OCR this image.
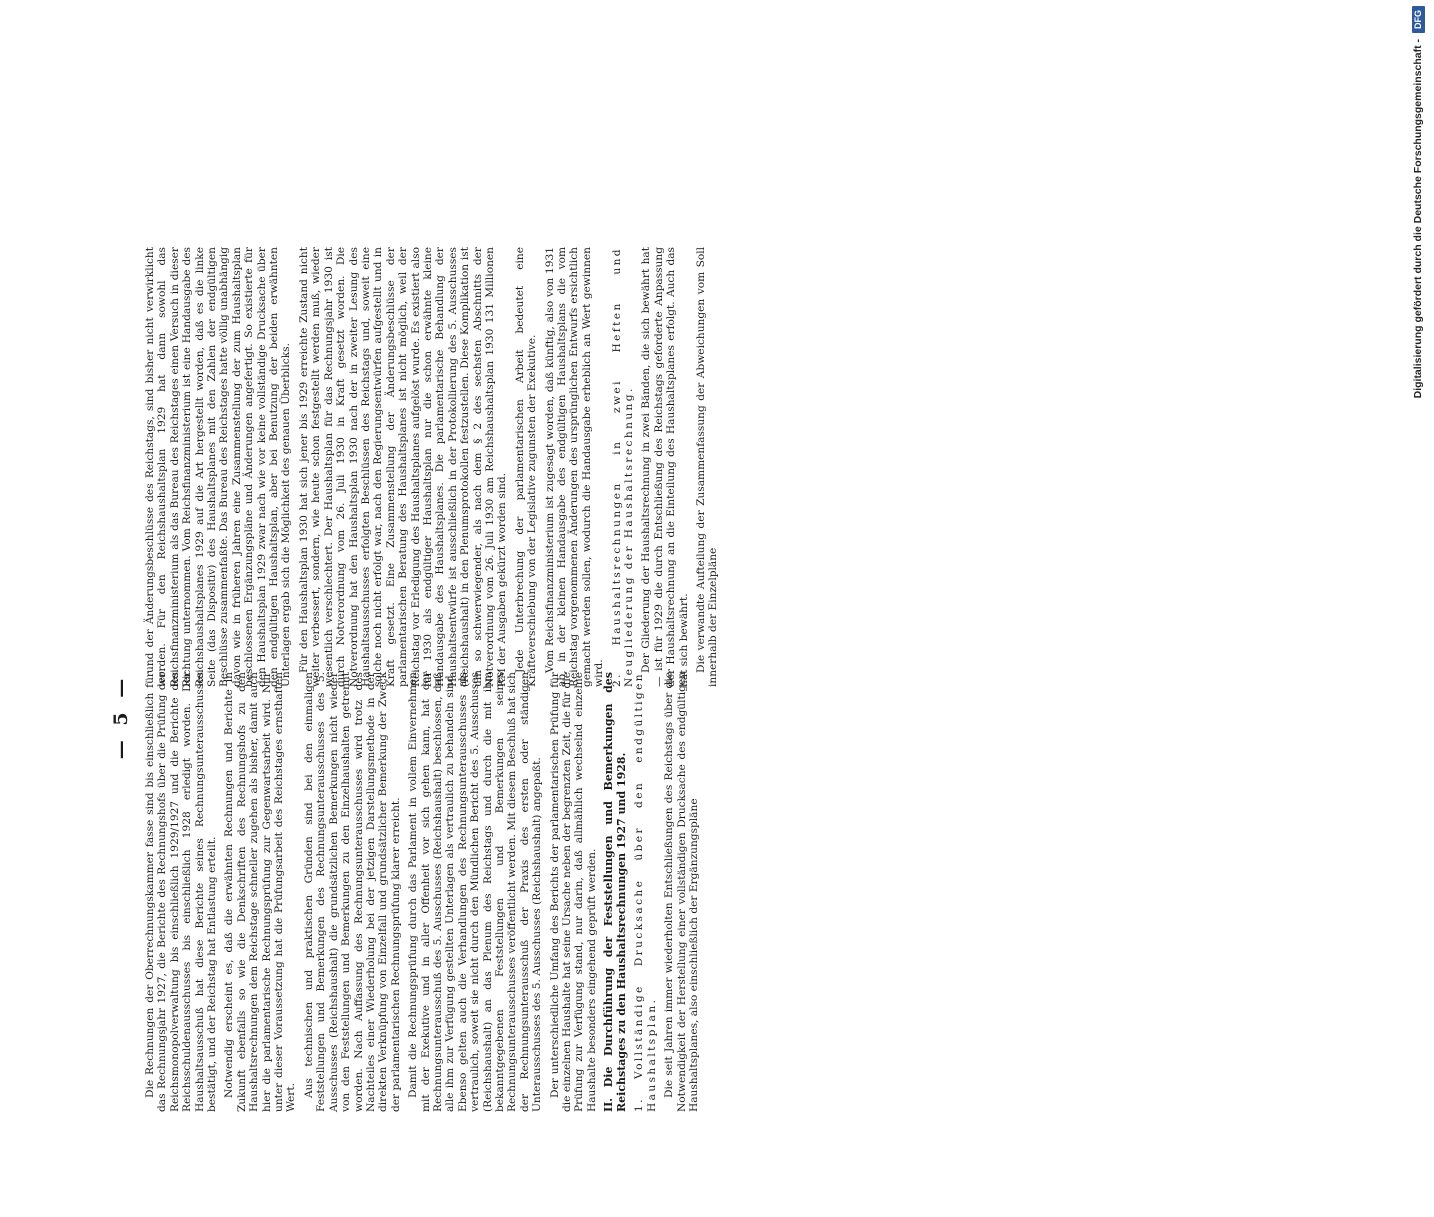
— 5 — Die Rechnungen der Oberrechnungskammer fasse sind bis einschließlich für das Rechnungsjahr 1927, die Berichte des Rechnungshofs über die Prüfung der Reichsmonopolverwaltung bis einschließlich 1929/1927 und die Berichte des Reichsschuldenausschusses bis einschließlich 1928 erledigt worden. Der Haushaltsausschuß hat diese Berichte seines Rechnungsunterausschusses bestätigt, und der Reichstag hat Entlastung erteilt. Notwendig erscheint es, daß die erwähnten Rechnungen und Berichte in Zukunft ebenfalls so wie die Denkschriften des Rechnungshofs zu den Haushaltsrechnungen dem Reichstage schneller zugehen als bisher, damit auch hier die parlamentarische Rechnungsprüfung zur Gegenwartsarbeit wird. Nur unter dieser Voraussetzung hat die Prüfungsarbeit des Reichstages ernsthaften Wert. Aus technischen und praktischen Gründen sind bei den einmaligen Feststellungen und Bemerkungen des Rechnungsunterausschusses des 5. Ausschusses (Reichshaushalt) die grundsätzlichen Bemerkungen nicht wieder von den Feststellungen und Bemerkungen zu den Einzelhaushalten getrennt worden. Nach Auffassung des Rechnungsunterausschusses wird trotz des Nachteiles einer Wiederholung bei der jetzigen Darstellungsmethode in der direkten Verknüpfung von Einzelfall und grundsätzlicher Bemerkung der Zweck der parlamentarischen Rechnungsprüfung klarer erreicht. Damit die Rechnungsprüfung durch das Parlament in vollem Einvernehmen mit der Exekutive und in aller Offenheit vor sich gehen kann, hat der Rechnungsunterausschuß des 5. Ausschusses (Reichshaushalt) beschlossen, daß alle ihm zur Verfügung gestellten Unterlagen als vertraulich zu behandeln sind. Ebenso gelten auch die Verhandlungen des Rechnungsunterausschusses als vertraulich, soweit sie nicht durch den Mündlichen Bericht des 5. Ausschusses (Reichshaushalt) an das Plenum des Reichstags und durch die mit ihm bekanntgegebenen Feststellungen und Bemerkungen seines Rechnungsunterausschusses veröffentlicht werden. Mit diesem Beschluß hat sich der Rechnungsunterausschuß der Praxis des ersten oder ständigen Unterausschusses des 5. Ausschusses (Reichshaushalt) angepaßt. Der unterschiedliche Umfang des Berichts der parlamentarischen Prüfung für die einzelnen Haushalte hat seine Ursache neben der begrenzten Zeit, die für die Prüfung zur Verfügung stand, nur darin, daß allmählich wechselnd einzelne Haushalte besonders eingehend geprüft werden. II. Die Durchführung der Feststellungen und Bemerkungen des Reichstages zu den Haushaltsrechnungen 1927 und 1928. 1. Vollständige Drucksache über den endgültigen Haushaltsplan. Die seit Jahren immer wiederholten Entschließungen des Reichstags über die Notwendigkeit der Herstellung einer vollständigen Drucksache des endgültigen Haushaltsplanes, also einschließlich der Ergänzungspläne

und der Änderungsbeschlüsse des Reichstags, sind bisher nicht verwirklicht worden. Für den Reichshaushaltsplan 1929 hat dann sowohl das Reichsfinanzministerium als das Bureau des Reichstages einen Versuch in dieser Richtung unternommen. Vom Reichsfinanzministerium ist eine Handausgabe des Reichshaushaltsplanes 1929 auf die Art hergestellt worden, daß es die linke Seite (das Dispositiv) des Haushaltsplanes mit den Zahlen der endgültigen Beschlüsse zusammenfaßte. Das Bureau des Reichstages hatte völlig unabhängig davon wie in früheren Jahren eine Zusammenstellung der zum Haushaltsplan beschlossenen Ergänzungspläne und Änderungen angefertigt. So existierte für den Haushaltsplan 1929 zwar nach wie vor keine vollständige Drucksache über den endgültigen Haushaltsplan, aber bei Benutzung der beiden erwähnten Unterlagen ergab sich die Möglichkeit des genauen Überblicks. Für den Haushaltsplan 1930 hat sich jener bis 1929 erreichte Zustand nicht weiter verbessert, sondern, wie heute schon festgestellt werden muß, wieder wesentlich verschlechtert. Der Haushaltsplan für das Rechnungsjahr 1930 ist durch Notverordnung vom 26. Juli 1930 in Kraft gesetzt worden. Die Notverordnung hat den Haushaltsplan 1930 nach der in zweiter Lesung des Haushaltsausschusses erfolgten Beschlüssen des Reichstags und, soweit eine solche noch nicht erfolgt war, nach den Regierungsentwürfen aufgestellt und in Kraft gesetzt. Eine Zusammenstellung der Änderungsbeschlüsse der parlamentarischen Beratung des Haushaltsplanes ist nicht möglich, weil der Reichstag vor Erledigung des Haushaltsplanes aufgelöst wurde. Es existiert also für 1930 als endgültiger Haushaltsplan nur die schon erwähnte kleine Handausgabe des Haushaltsplanes. Die parlamentarische Behandlung der Haushaltsentwürfe ist ausschließlich in der Protokollierung des 5. Ausschusses (Reichshaushalt) in den Plenumsprotokollen festzustellen. Diese Komplikation ist um so schwerwiegender, als nach dem § 2 des sechsten Abschnitts der Notverordnung vom 26. Juli 1930 am Reichshaushaltsplan 1930 131 Millionen RM der Ausgaben gekürzt worden sind. Jede Unterbrechung der parlamentarischen Arbeit bedeutet eine Kräfteverschiebung von der Legislative zugunsten der Exekutive. Vom Reichsfinanzministerium ist zugesagt worden, daß künftig, also von 1931 ab, in der kleinen Handausgabe des endgültigen Haushaltsplans die vom Reichstag vorgenommenen Änderungen des ursprünglichen Entwurfs ersichtlich gemacht werden sollen, wodurch die Handausgabe erheblich an Wert gewinnen wird. 2. Haushaltsrechnungen in zwei Heften und Neugliederung der Haushaltsrechnung. Der Gliederung der Haushaltsrechnung in zwei Bänden, die sich bewährt hat — ist für 1929 die durch Entschließung des Reichstags geforderte Anpassung der Haushaltsrechnung an die Einteilung des Haushaltsplanes erfolgt. Auch das hat sich bewährt. Die verwandte Aufteilung der Zusammenfassung der Abweichungen vom Soll innerhalb der Einzelpläne

Digitalisierung gefördert durch die Deutsche Forschungsgemeinschaft -DFG
